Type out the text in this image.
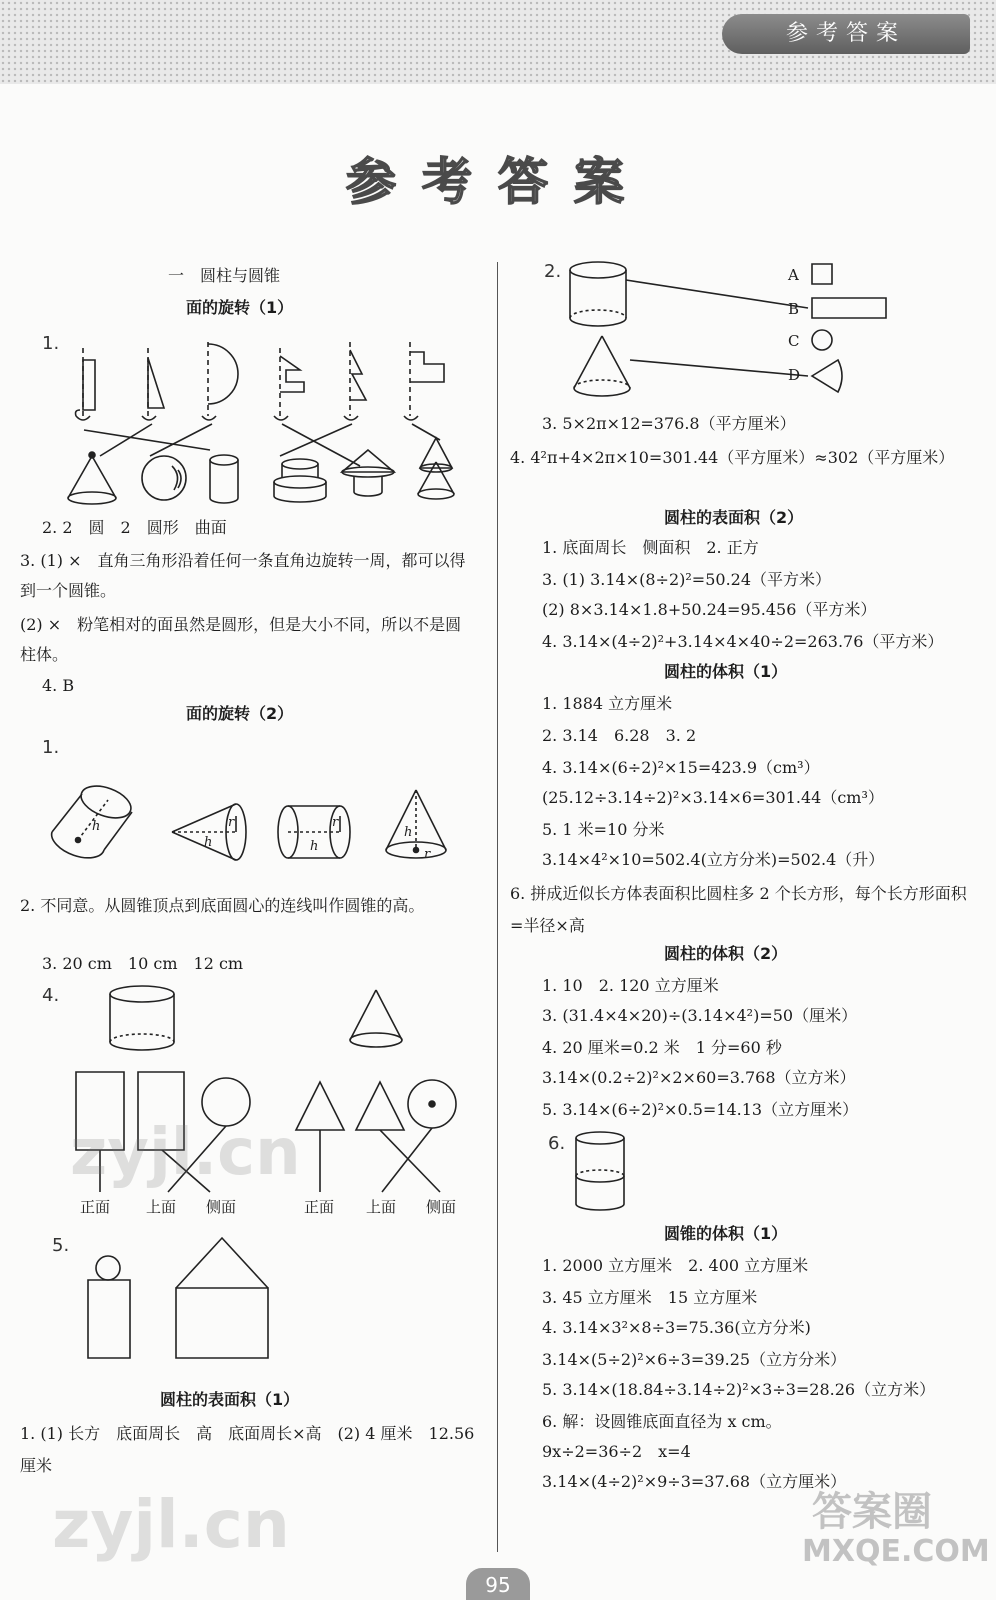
参考答案
参考答案
一　圆柱与圆锥
面的旋转（1）
1.
2. 2　圆　2　圆形　曲面
3. (1) ×　直角三角形沿着任何一条直角边旋转一周，都可以得到一个圆锥。
(2) ×　粉笔相对的面虽然是圆形，但是大小不同，所以不是圆柱体。
4. B
面的旋转（2）
1.
h
h
r
h
r
h
r
2. 不同意。从圆锥顶点到底面圆心的连线叫作圆锥的高。
3. 20 cm　10 cm　12 cm
4.
正面 上面 侧面	正面 上面 侧面
5.
圆柱的表面积（1）
1. (1) 长方　底面周长　高　底面周长×高　(2) 4 厘米　12.56 厘米
2.	A
B
C
D
3. 5×2π×12=376.8（平方厘米）
4. 4²π+4×2π×10=301.44（平方厘米）≈302（平方厘米）
圆柱的表面积（2）
1. 底面周长　侧面积　2. 正方
3. (1) 3.14×(8÷2)²=50.24（平方米）
(2) 8×3.14×1.8+50.24=95.456（平方米）
4. 3.14×(4÷2)²+3.14×4×40÷2=263.76（平方米）
圆柱的体积（1）
1. 1884 立方厘米
2. 3.14　6.28　3. 2
4. 3.14×(6÷2)²×15=423.9（cm³）
(25.12÷3.14÷2)²×3.14×6=301.44（cm³）
5. 1 米=10 分米
3.14×4²×10=502.4(立方分米)=502.4（升）
6. 拼成近似长方体表面积比圆柱多 2 个长方形，每个长方形面积=半径×高
圆柱的体积（2）
1. 10　2. 120 立方厘米
3. (31.4×4×20)÷(3.14×4²)=50（厘米）
4. 20 厘米=0.2 米　1 分=60 秒
3.14×(0.2÷2)²×2×60=3.768（立方米）
5. 3.14×(6÷2)²×0.5=14.13（立方厘米）
6.
圆锥的体积（1）
1. 2000 立方厘米　2. 400 立方厘米
3. 45 立方厘米　15 立方厘米
4. 3.14×3²×8÷3=75.36(立方分米)
3.14×(5÷2)²×6÷3=39.25（立方分米）
5. 3.14×(18.84÷3.14÷2)²×3÷3=28.26（立方米）
6. 解：设圆锥底面直径为 x cm。
9x÷2=36÷2　x=4
3.14×(4÷2)²×9÷3=37.68（立方厘米）
zyjl.cn
zyjl.cn	答案圈
MXQE.COM
95
